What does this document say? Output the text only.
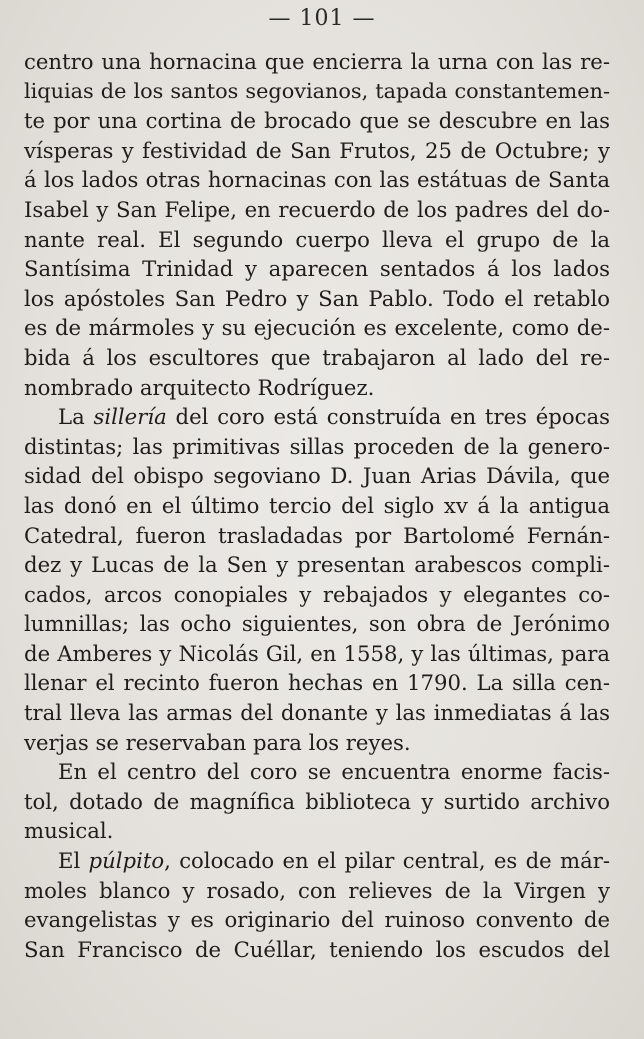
— 101 —
centro una hornacina que encierra la urna con las re-
liquias de los santos segovianos, tapada constantemen-
te por una cortina de brocado que se descubre en las
vísperas y festividad de San Frutos, 25 de Octubre; y
á los lados otras hornacinas con las estátuas de Santa
Isabel y San Felipe, en recuerdo de los padres del do-
nante real. El segundo cuerpo lleva el grupo de la
Santísima Trinidad y aparecen sentados á los lados
los apóstoles San Pedro y San Pablo. Todo el retablo
es de mármoles y su ejecución es excelente, como de-
bida á los escultores que trabajaron al lado del re-
nombrado arquitecto Rodríguez.
La sillería del coro está construída en tres épocas
distintas; las primitivas sillas proceden de la genero-
sidad del obispo segoviano D. Juan Arias Dávila, que
las donó en el último tercio del siglo xv á la antigua
Catedral, fueron trasladadas por Bartolomé Fernán-
dez y Lucas de la Sen y presentan arabescos compli-
cados, arcos conopiales y rebajados y elegantes co-
lumnillas; las ocho siguientes, son obra de Jerónimo
de Amberes y Nicolás Gil, en 1558, y las últimas, para
llenar el recinto fueron hechas en 1790. La silla cen-
tral lleva las armas del donante y las inmediatas á las
verjas se reservaban para los reyes.
En el centro del coro se encuentra enorme facis-
tol, dotado de magnífica biblioteca y surtido archivo
musical.
El púlpito, colocado en el pilar central, es de már-
moles blanco y rosado, con relieves de la Virgen y
evangelistas y es originario del ruinoso convento de
San Francisco de Cuéllar, teniendo los escudos del
